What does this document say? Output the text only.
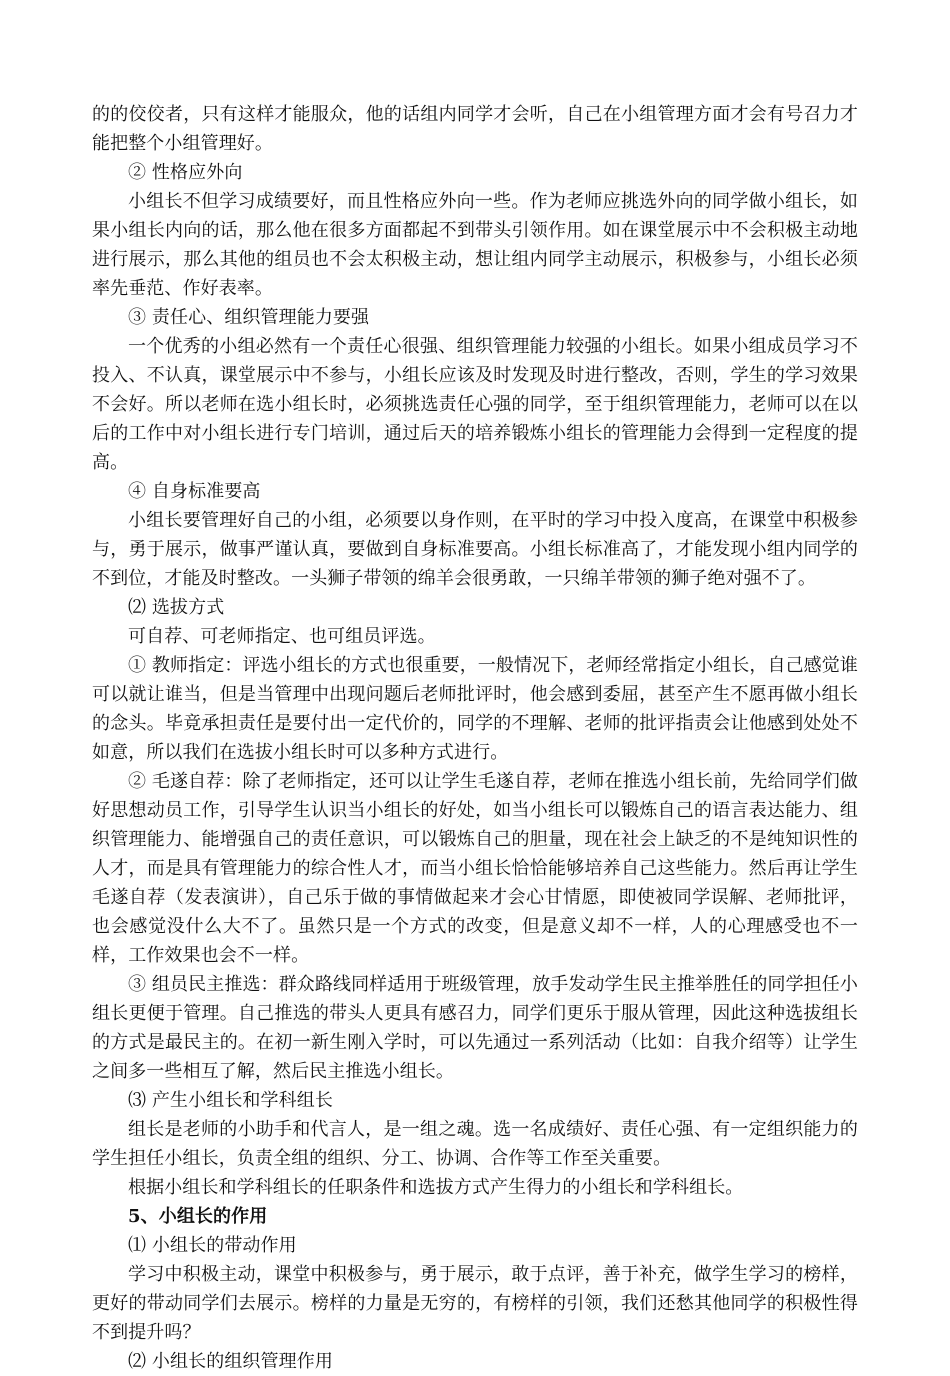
的的佼佼者，只有这样才能服众，他的话组内同学才会听，自己在小组管理方面才会有号召力才能把整个小组管理好。

② 性格应外向

小组长不但学习成绩要好，而且性格应外向一些。作为老师应挑选外向的同学做小组长，如果小组长内向的话，那么他在很多方面都起不到带头引领作用。如在课堂展示中不会积极主动地进行展示，那么其他的组员也不会太积极主动，想让组内同学主动展示，积极参与，小组长必须率先垂范、作好表率。

③ 责任心、组织管理能力要强

一个优秀的小组必然有一个责任心很强、组织管理能力较强的小组长。如果小组成员学习不投入、不认真，课堂展示中不参与，小组长应该及时发现及时进行整改，否则，学生的学习效果不会好。所以老师在选小组长时，必须挑选责任心强的同学，至于组织管理能力，老师可以在以后的工作中对小组长进行专门培训，通过后天的培养锻炼小组长的管理能力会得到一定程度的提高。

④ 自身标准要高

小组长要管理好自己的小组，必须要以身作则，在平时的学习中投入度高，在课堂中积极参与，勇于展示，做事严谨认真，要做到自身标准要高。小组长标准高了，才能发现小组内同学的不到位，才能及时整改。一头狮子带领的绵羊会很勇敢，一只绵羊带领的狮子绝对强不了。

⑵ 选拔方式

可自荐、可老师指定、也可组员评选。

① 教师指定：评选小组长的方式也很重要，一般情况下，老师经常指定小组长，自己感觉谁可以就让谁当，但是当管理中出现问题后老师批评时，他会感到委屈，甚至产生不愿再做小组长的念头。毕竟承担责任是要付出一定代价的，同学的不理解、老师的批评指责会让他感到处处不如意，所以我们在选拔小组长时可以多种方式进行。

② 毛遂自荐：除了老师指定，还可以让学生毛遂自荐，老师在推选小组长前，先给同学们做好思想动员工作，引导学生认识当小组长的好处，如当小组长可以锻炼自己的语言表达能力、组织管理能力、能增强自己的责任意识，可以锻炼自己的胆量，现在社会上缺乏的不是纯知识性的人才，而是具有管理能力的综合性人才，而当小组长恰恰能够培养自己这些能力。然后再让学生毛遂自荐（发表演讲），自己乐于做的事情做起来才会心甘情愿，即使被同学误解、老师批评，也会感觉没什么大不了。虽然只是一个方式的改变，但是意义却不一样，人的心理感受也不一样，工作效果也会不一样。

③ 组员民主推选：群众路线同样适用于班级管理，放手发动学生民主推举胜任的同学担任小组长更便于管理。自己推选的带头人更具有感召力，同学们更乐于服从管理，因此这种选拔组长的方式是最民主的。在初一新生刚入学时，可以先通过一系列活动（比如：自我介绍等）让学生之间多一些相互了解，然后民主推选小组长。

⑶ 产生小组长和学科组长

组长是老师的小助手和代言人，是一组之魂。选一名成绩好、责任心强、有一定组织能力的学生担任小组长，负责全组的组织、分工、协调、合作等工作至关重要。

根据小组长和学科组长的任职条件和选拔方式产生得力的小组长和学科组长。

5、小组长的作用

⑴ 小组长的带动作用

学习中积极主动，课堂中积极参与，勇于展示，敢于点评，善于补充，做学生学习的榜样，更好的带动同学们去展示。榜样的力量是无穷的，有榜样的引领，我们还愁其他同学的积极性得不到提升吗？

⑵ 小组长的组织管理作用
